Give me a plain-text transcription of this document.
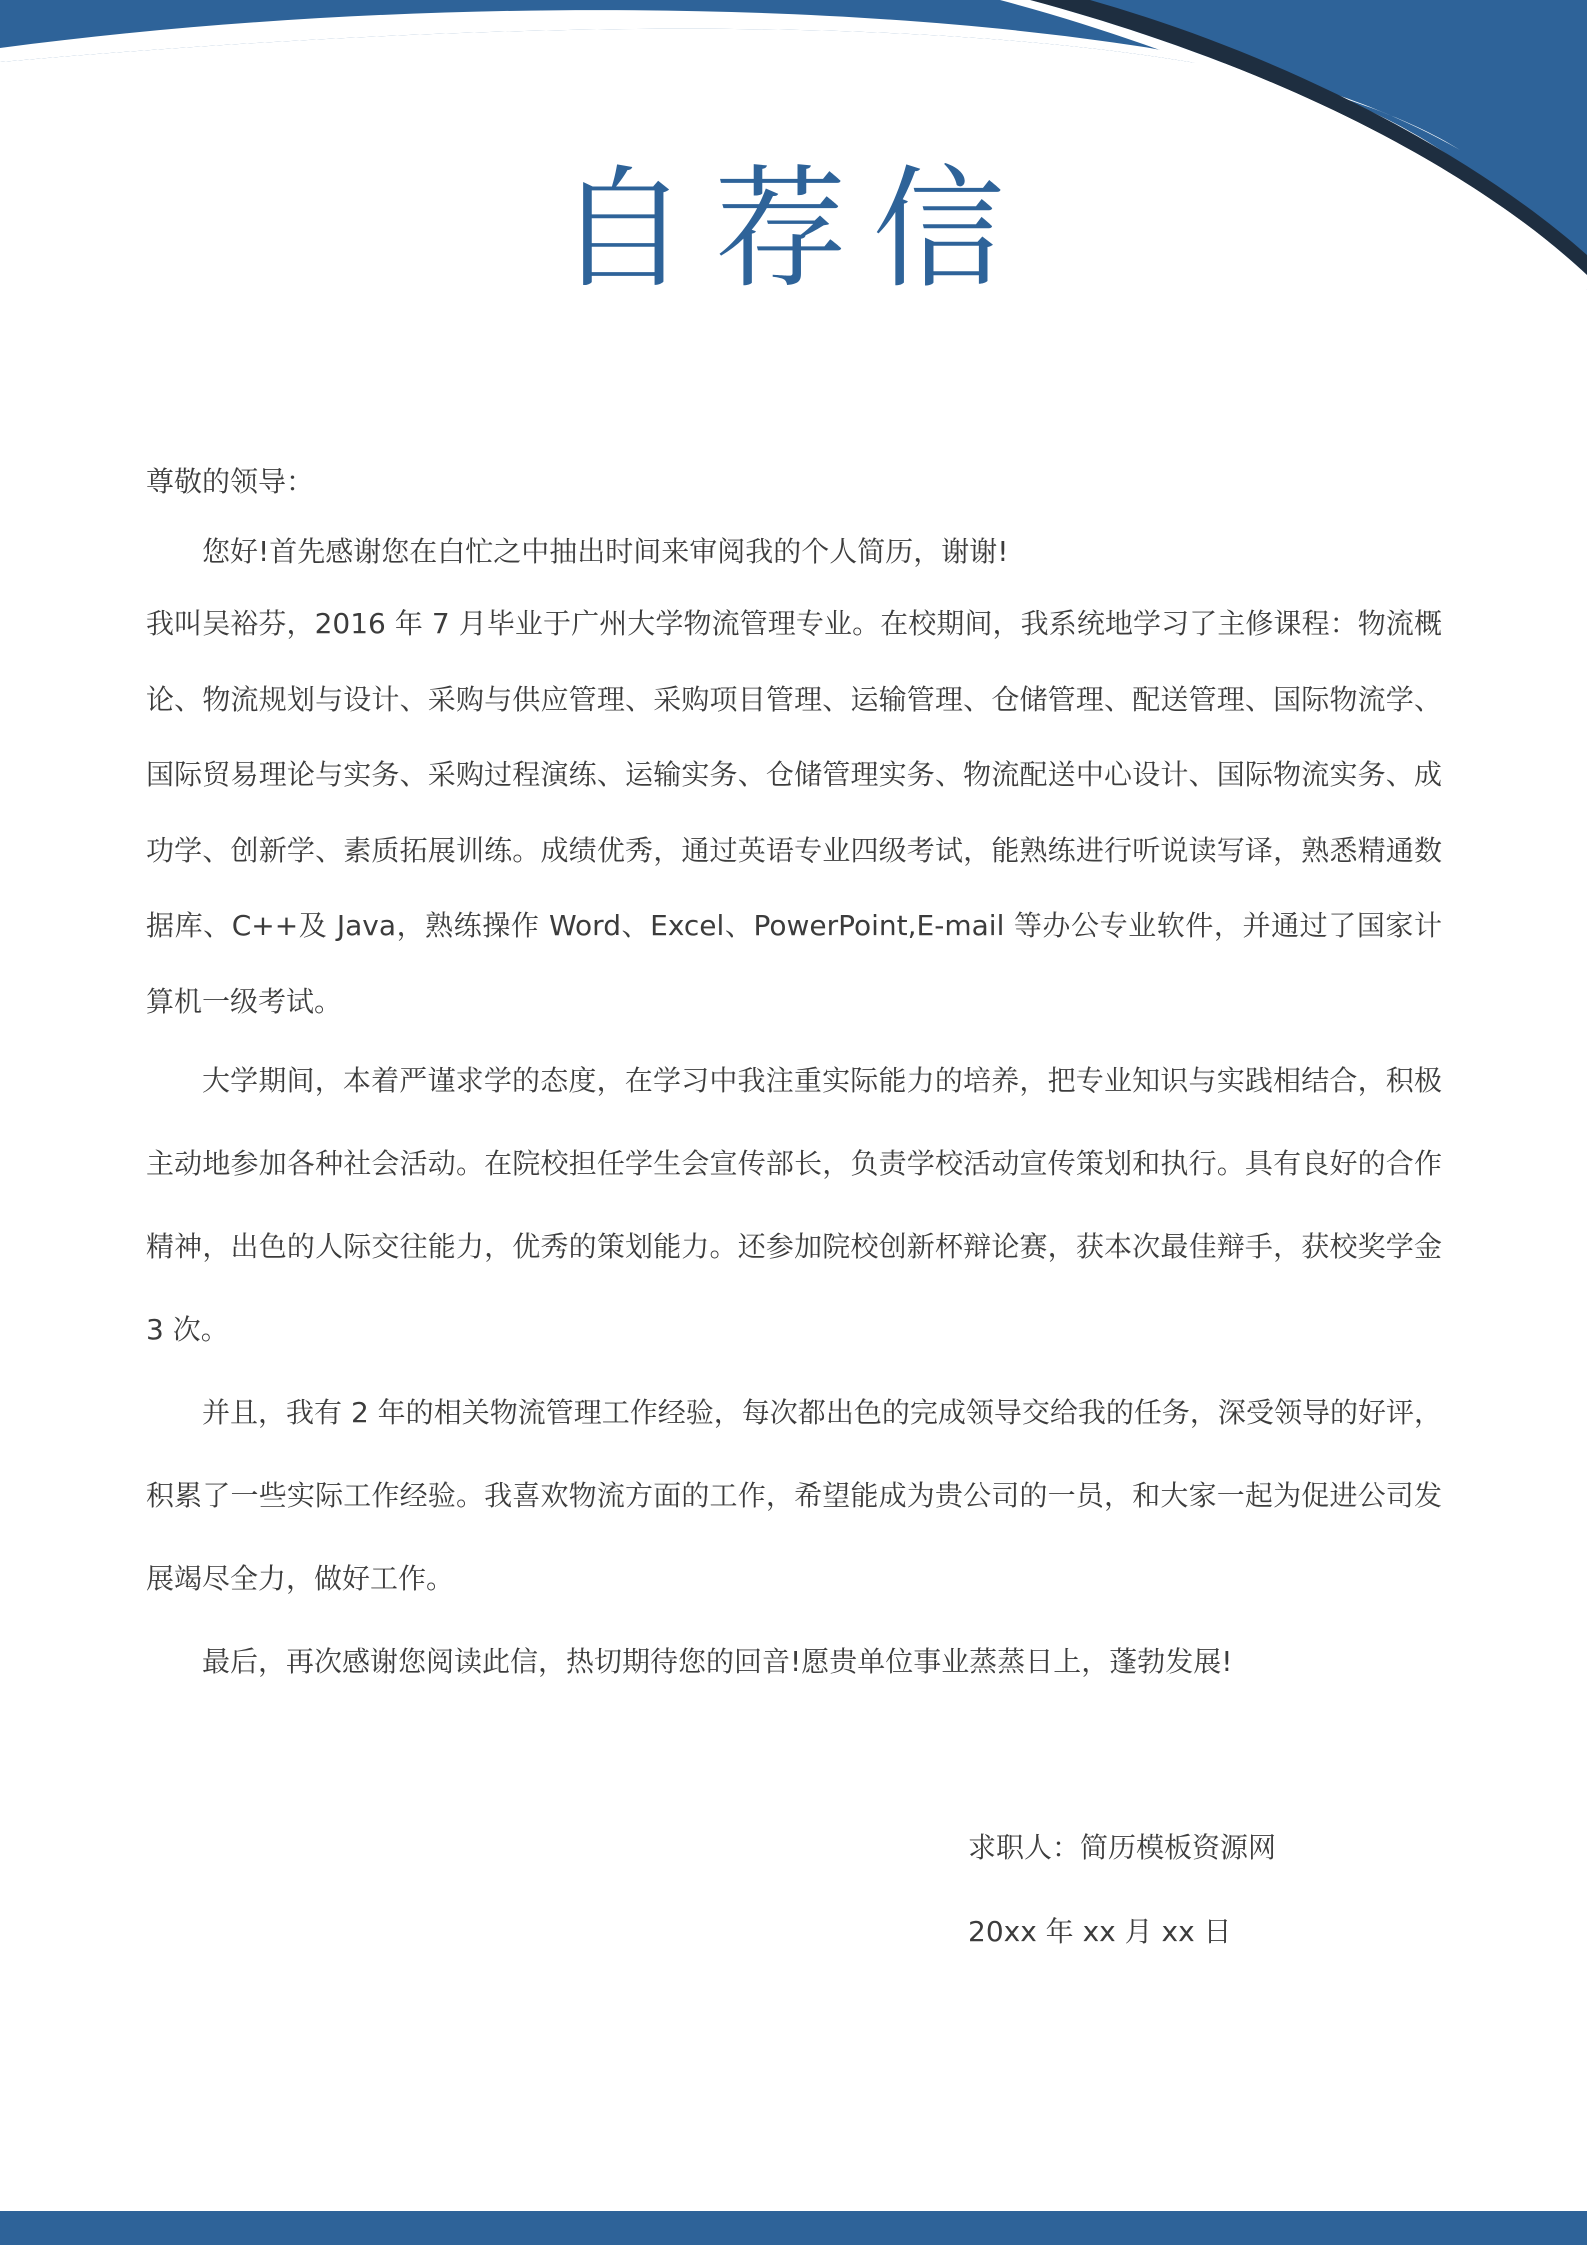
自荐信

尊敬的领导：

您好!首先感谢您在白忙之中抽出时间来审阅我的个人简历，谢谢!

我叫吴裕芬，2016 年 7 月毕业于广州大学物流管理专业。在校期间，我系统地学习了主修课程：物流概论、物流规划与设计、采购与供应管理、采购项目管理、运输管理、仓储管理、配送管理、国际物流学、国际贸易理论与实务、采购过程演练、运输实务、仓储管理实务、物流配送中心设计、国际物流实务、成功学、创新学、素质拓展训练。成绩优秀，通过英语专业四级考试，能熟练进行听说读写译，熟悉精通数据库、C++及 Java，熟练操作 Word、Excel、PowerPoint,E-mail 等办公专业软件，并通过了国家计算机一级考试。

大学期间，本着严谨求学的态度，在学习中我注重实际能力的培养，把专业知识与实践相结合，积极主动地参加各种社会活动。在院校担任学生会宣传部长，负责学校活动宣传策划和执行。具有良好的合作精神，出色的人际交往能力，优秀的策划能力。还参加院校创新杯辩论赛，获本次最佳辩手，获校奖学金 3 次。

并且，我有 2 年的相关物流管理工作经验，每次都出色的完成领导交给我的任务，深受领导的好评，积累了一些实际工作经验。我喜欢物流方面的工作，希望能成为贵公司的一员，和大家一起为促进公司发展竭尽全力，做好工作。

最后，再次感谢您阅读此信，热切期待您的回音!愿贵单位事业蒸蒸日上，蓬勃发展!

求职人：简历模板资源网
20xx 年 xx 月 xx 日
